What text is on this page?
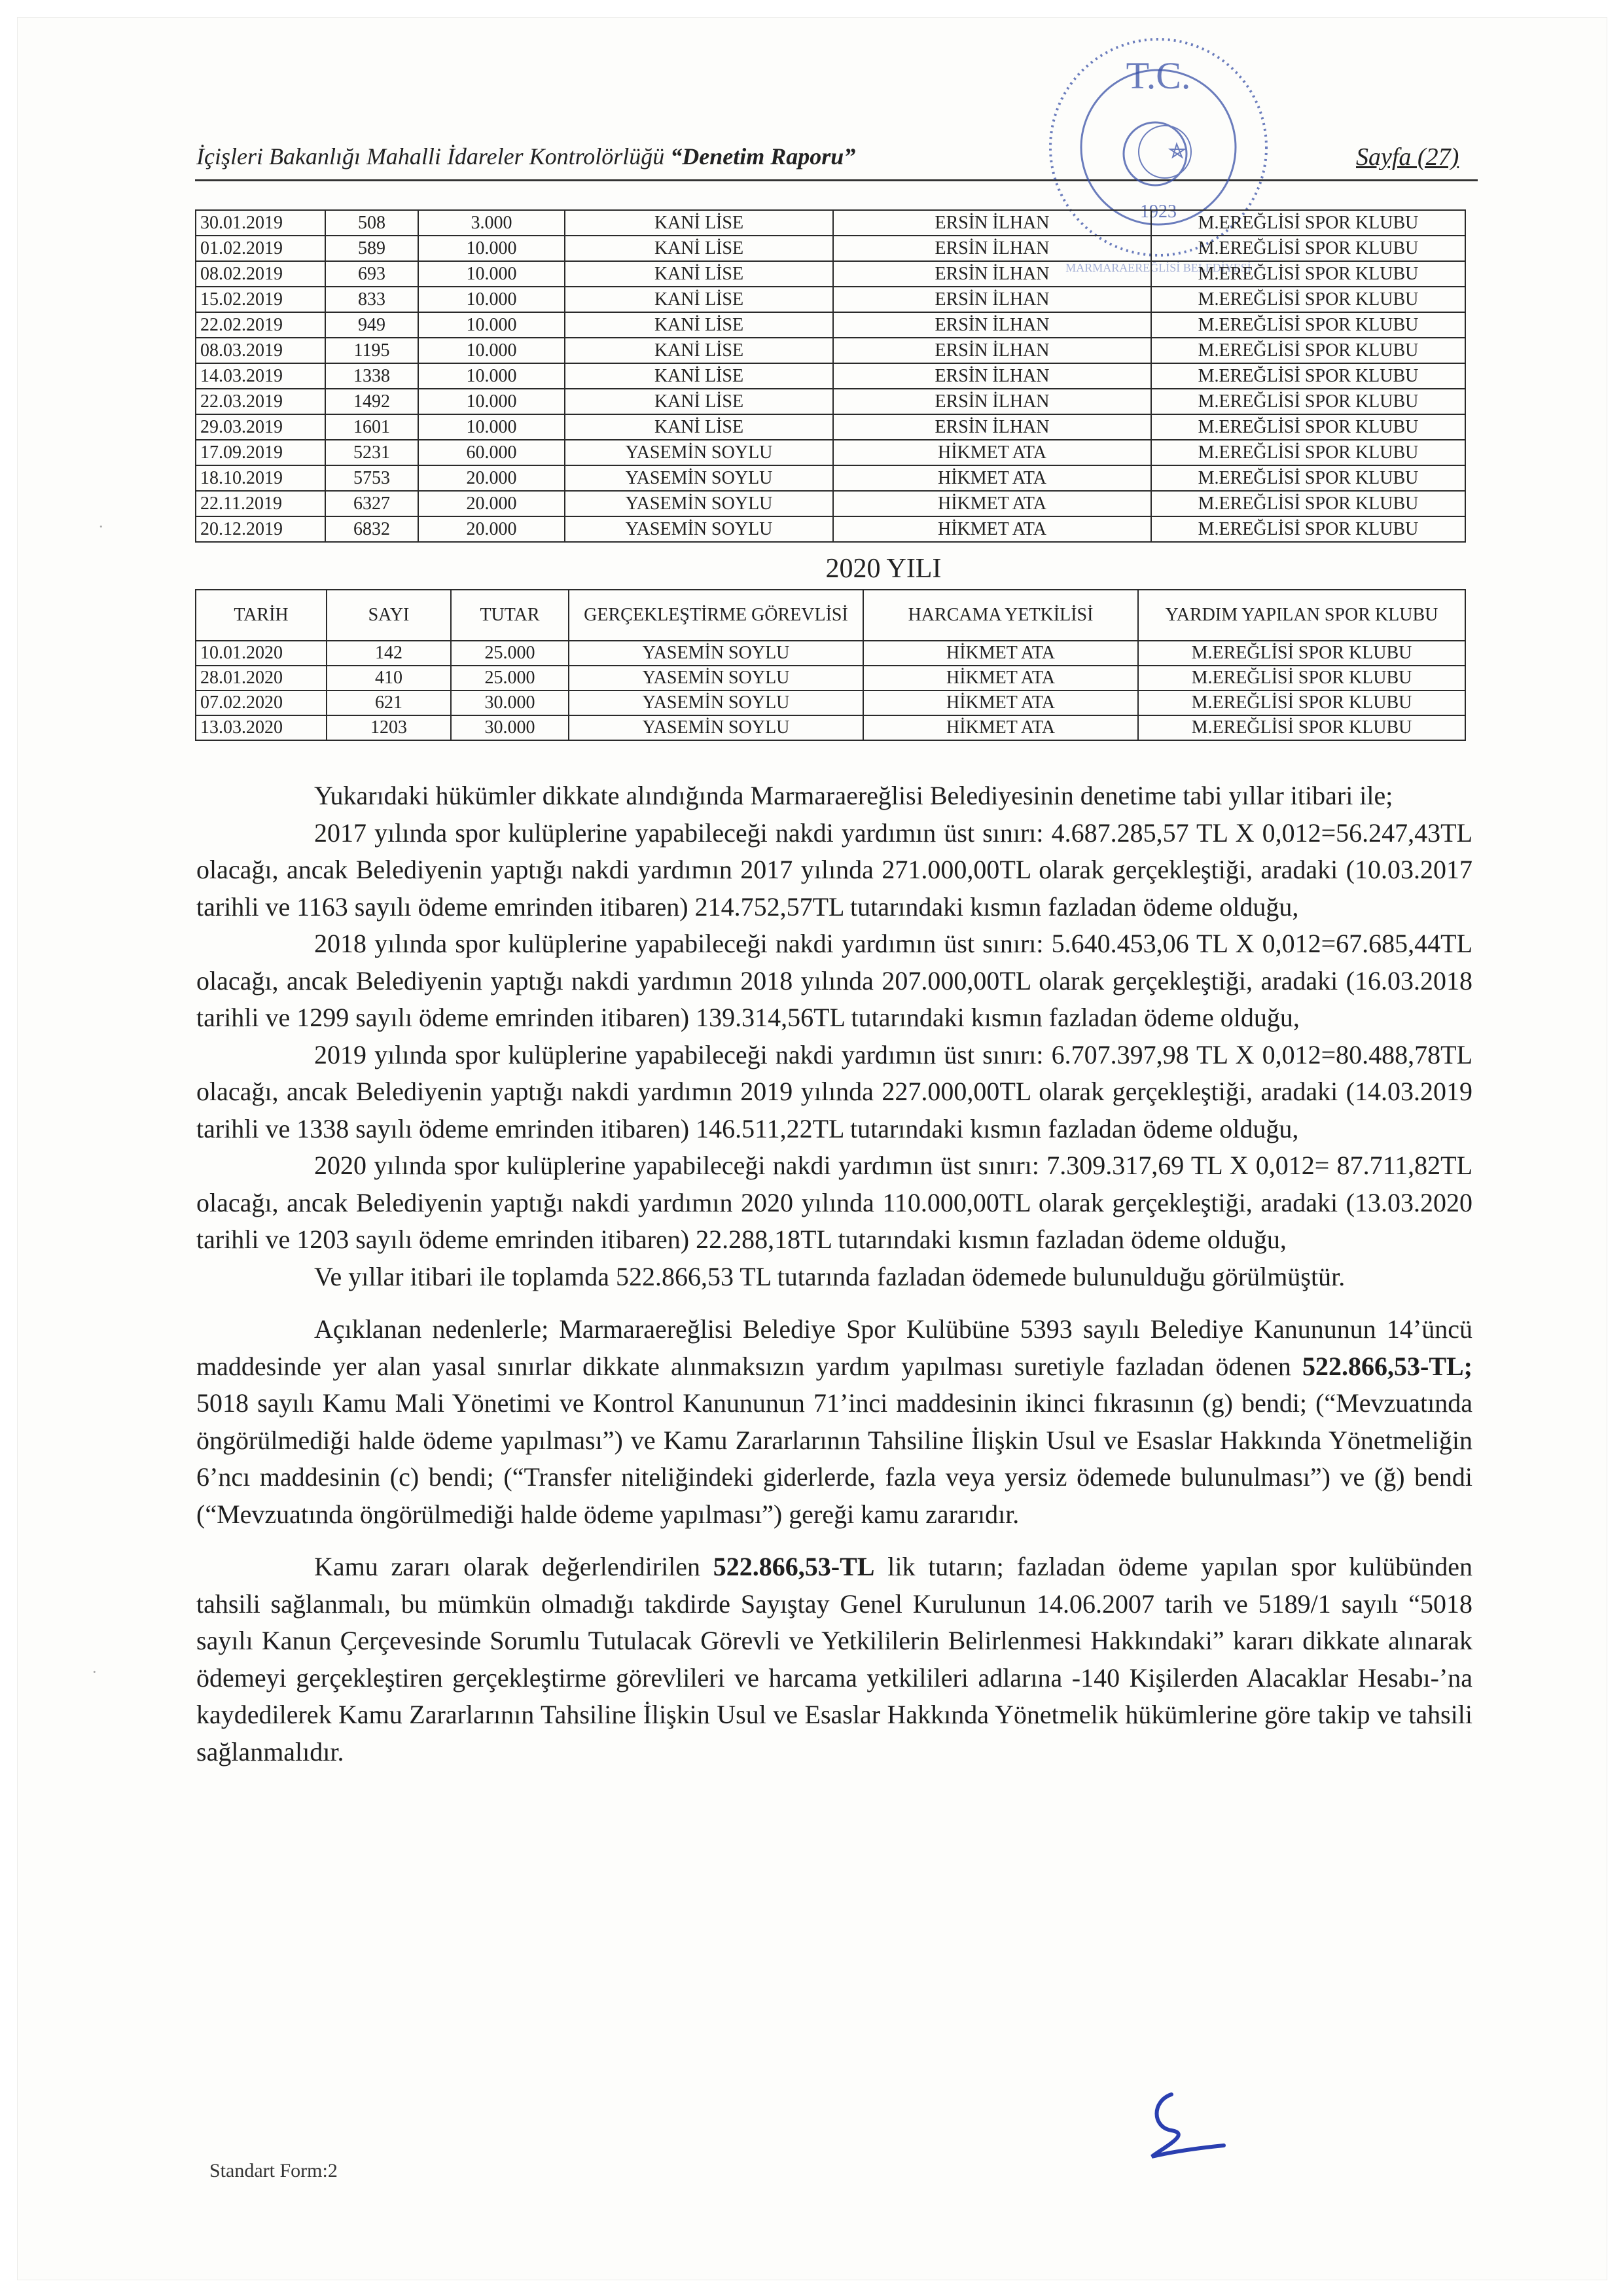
İçişleri Bakanlığı Mahalli İdareler Kontrolörlüğü “Denetim Raporu”	Sayfa (27)
T.C.
1923
MARMARAEREĞLİSİ BELEDİYESİ
30.01.2019	508	3.000	KANİ LİSE	ERSİN İLHAN	M.EREĞLİSİ SPOR KLUBU
01.02.2019	589	10.000	KANİ LİSE	ERSİN İLHAN	M.EREĞLİSİ SPOR KLUBU
08.02.2019	693	10.000	KANİ LİSE	ERSİN İLHAN	M.EREĞLİSİ SPOR KLUBU
15.02.2019	833	10.000	KANİ LİSE	ERSİN İLHAN	M.EREĞLİSİ SPOR KLUBU
22.02.2019	949	10.000	KANİ LİSE	ERSİN İLHAN	M.EREĞLİSİ SPOR KLUBU
08.03.2019	1195	10.000	KANİ LİSE	ERSİN İLHAN	M.EREĞLİSİ SPOR KLUBU
14.03.2019	1338	10.000	KANİ LİSE	ERSİN İLHAN	M.EREĞLİSİ SPOR KLUBU
22.03.2019	1492	10.000	KANİ LİSE	ERSİN İLHAN	M.EREĞLİSİ SPOR KLUBU
29.03.2019	1601	10.000	KANİ LİSE	ERSİN İLHAN	M.EREĞLİSİ SPOR KLUBU
17.09.2019	5231	60.000	YASEMİN SOYLU	HİKMET ATA	M.EREĞLİSİ SPOR KLUBU
18.10.2019	5753	20.000	YASEMİN SOYLU	HİKMET ATA	M.EREĞLİSİ SPOR KLUBU
22.11.2019	6327	20.000	YASEMİN SOYLU	HİKMET ATA	M.EREĞLİSİ SPOR KLUBU
20.12.2019	6832	20.000	YASEMİN SOYLU	HİKMET ATA	M.EREĞLİSİ SPOR KLUBU
2020 YILI
TARİH	SAYI	TUTAR	GERÇEKLEŞTİRME GÖREVLİSİ	HARCAMA YETKİLİSİ	YARDIM YAPILAN SPOR KLUBU
10.01.2020	142	25.000	YASEMİN SOYLU	HİKMET ATA	M.EREĞLİSİ SPOR KLUBU
28.01.2020	410	25.000	YASEMİN SOYLU	HİKMET ATA	M.EREĞLİSİ SPOR KLUBU
07.02.2020	621	30.000	YASEMİN SOYLU	HİKMET ATA	M.EREĞLİSİ SPOR KLUBU
13.03.2020	1203	30.000	YASEMİN SOYLU	HİKMET ATA	M.EREĞLİSİ SPOR KLUBU

Yukarıdaki hükümler dikkate alındığında Marmaraereğlisi Belediyesinin denetime tabi yıllar itibari ile;

2017 yılında spor kulüplerine yapabileceği nakdi yardımın üst sınırı: 4.687.285,57 TL X 0,012=56.247,43TL olacağı, ancak Belediyenin yaptığı nakdi yardımın 2017 yılında 271.000,00TL olarak gerçekleştiği, aradaki (10.03.2017 tarihli ve 1163 sayılı ödeme emrinden itibaren) 214.752,57TL tutarındaki kısmın fazladan ödeme olduğu,

2018 yılında spor kulüplerine yapabileceği nakdi yardımın üst sınırı: 5.640.453,06 TL X 0,012=67.685,44TL olacağı, ancak Belediyenin yaptığı nakdi yardımın 2018 yılında 207.000,00TL olarak gerçekleştiği, aradaki (16.03.2018 tarihli ve 1299 sayılı ödeme emrinden itibaren) 139.314,56TL tutarındaki kısmın fazladan ödeme olduğu,

2019 yılında spor kulüplerine yapabileceği nakdi yardımın üst sınırı: 6.707.397,98 TL X 0,012=80.488,78TL olacağı, ancak Belediyenin yaptığı nakdi yardımın 2019 yılında 227.000,00TL olarak gerçekleştiği, aradaki (14.03.2019 tarihli ve 1338 sayılı ödeme emrinden itibaren) 146.511,22TL tutarındaki kısmın fazladan ödeme olduğu,

2020 yılında spor kulüplerine yapabileceği nakdi yardımın üst sınırı: 7.309.317,69 TL X 0,012= 87.711,82TL olacağı, ancak Belediyenin yaptığı nakdi yardımın 2020 yılında 110.000,00TL olarak gerçekleştiği, aradaki (13.03.2020 tarihli ve 1203 sayılı ödeme emrinden itibaren) 22.288,18TL tutarındaki kısmın fazladan ödeme olduğu,

Ve yıllar itibari ile toplamda 522.866,53 TL tutarında fazladan ödemede bulunulduğu görülmüştür.

Açıklanan nedenlerle; Marmaraereğlisi Belediye Spor Kulübüne 5393 sayılı Belediye Kanununun 14’üncü maddesinde yer alan yasal sınırlar dikkate alınmaksızın yardım yapılması suretiyle fazladan ödenen 522.866,53-TL; 5018 sayılı Kamu Mali Yönetimi ve Kontrol Kanununun 71’inci maddesinin ikinci fıkrasının (g) bendi; (“Mevzuatında öngörülmediği halde ödeme yapılması”) ve Kamu Zararlarının Tahsiline İlişkin Usul ve Esaslar Hakkında Yönetmeliğin 6’ncı maddesinin (c) bendi; (“Transfer niteliğindeki giderlerde, fazla veya yersiz ödemede bulunulması”) ve (ğ) bendi (“Mevzuatında öngörülmediği halde ödeme yapılması”) gereği kamu zararıdır.

Kamu zararı olarak değerlendirilen 522.866,53-TL lik tutarın; fazladan ödeme yapılan spor kulübünden tahsili sağlanmalı, bu mümkün olmadığı takdirde Sayıştay Genel Kurulunun 14.06.2007 tarih ve 5189/1 sayılı “5018 sayılı Kanun Çerçevesinde Sorumlu Tutulacak Görevli ve Yetkililerin Belirlenmesi Hakkındaki” kararı dikkate alınarak ödemeyi gerçekleştiren gerçekleştirme görevlileri ve harcama yetkilileri adlarına -140 Kişilerden Alacaklar Hesabı-’na kaydedilerek Kamu Zararlarının Tahsiline İlişkin Usul ve Esaslar Hakkında Yönetmelik hükümlerine göre takip ve tahsili sağlanmalıdır.

Standart Form:2
·
·
